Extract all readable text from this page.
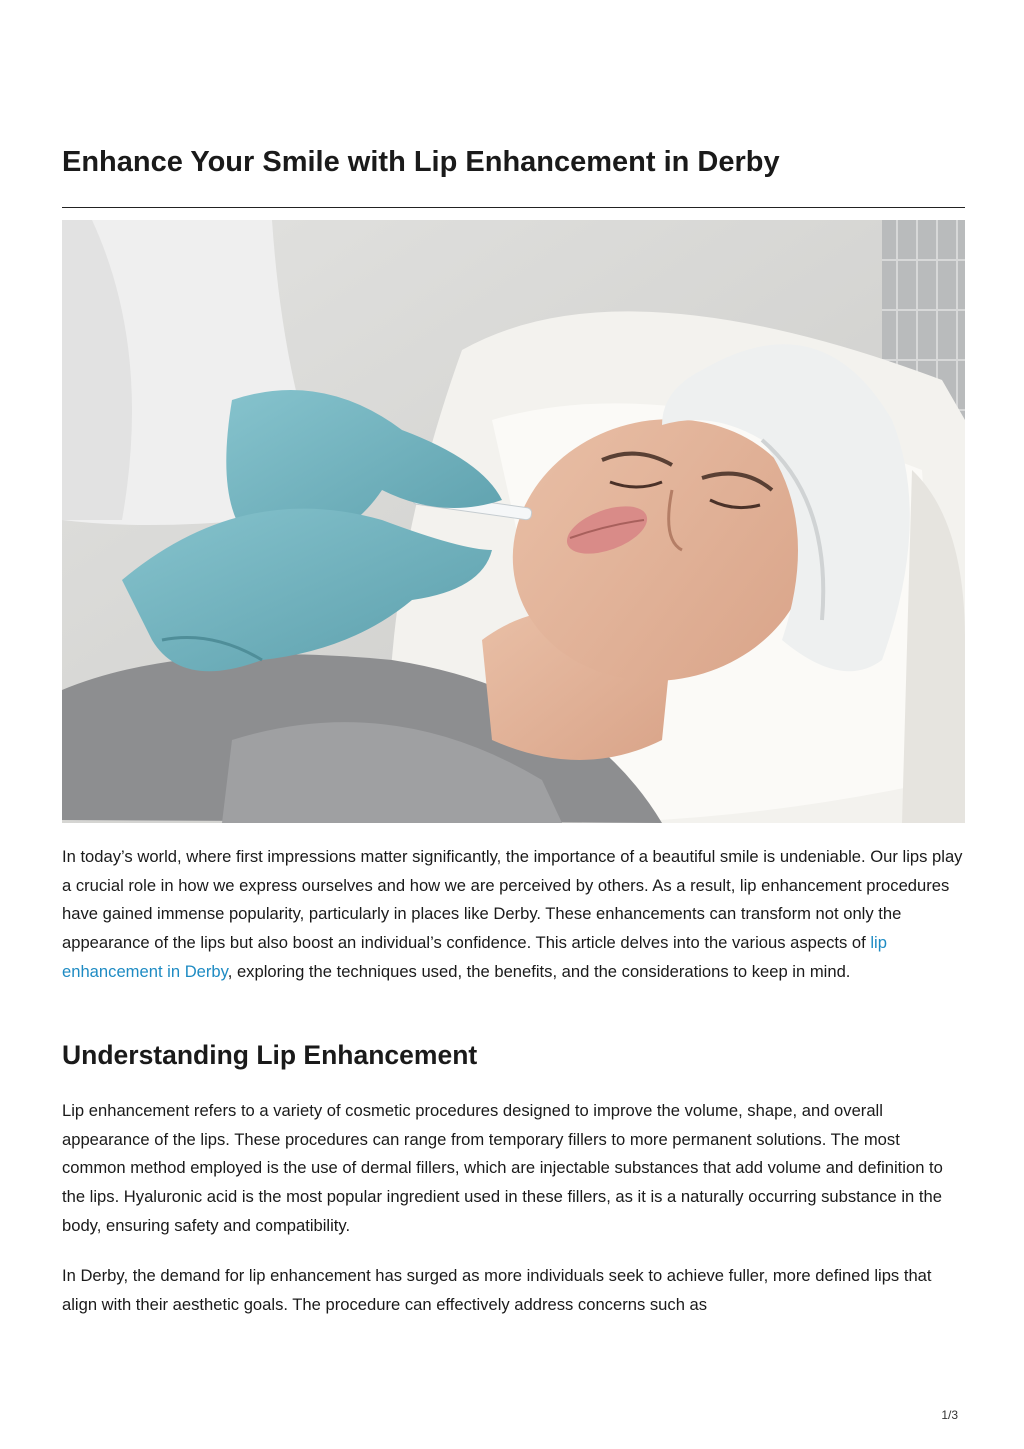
Enhance Your Smile with Lip Enhancement in Derby

In today’s world, where first impressions matter significantly, the importance of a beautiful smile is undeniable. Our lips play a crucial role in how we express ourselves and how we are perceived by others. As a result, lip enhancement procedures have gained immense popularity, particularly in places like Derby. These enhancements can transform not only the appearance of the lips but also boost an individual’s confidence. This article delves into the various aspects of lip enhancement in Derby, exploring the techniques used, the benefits, and the considerations to keep in mind.

Understanding Lip Enhancement

Lip enhancement refers to a variety of cosmetic procedures designed to improve the volume, shape, and overall appearance of the lips. These procedures can range from temporary fillers to more permanent solutions. The most common method employed is the use of dermal fillers, which are injectable substances that add volume and definition to the lips. Hyaluronic acid is the most popular ingredient used in these fillers, as it is a naturally occurring substance in the body, ensuring safety and compatibility.

In Derby, the demand for lip enhancement has surged as more individuals seek to achieve fuller, more defined lips that align with their aesthetic goals. The procedure can effectively address concerns such as

1/3
